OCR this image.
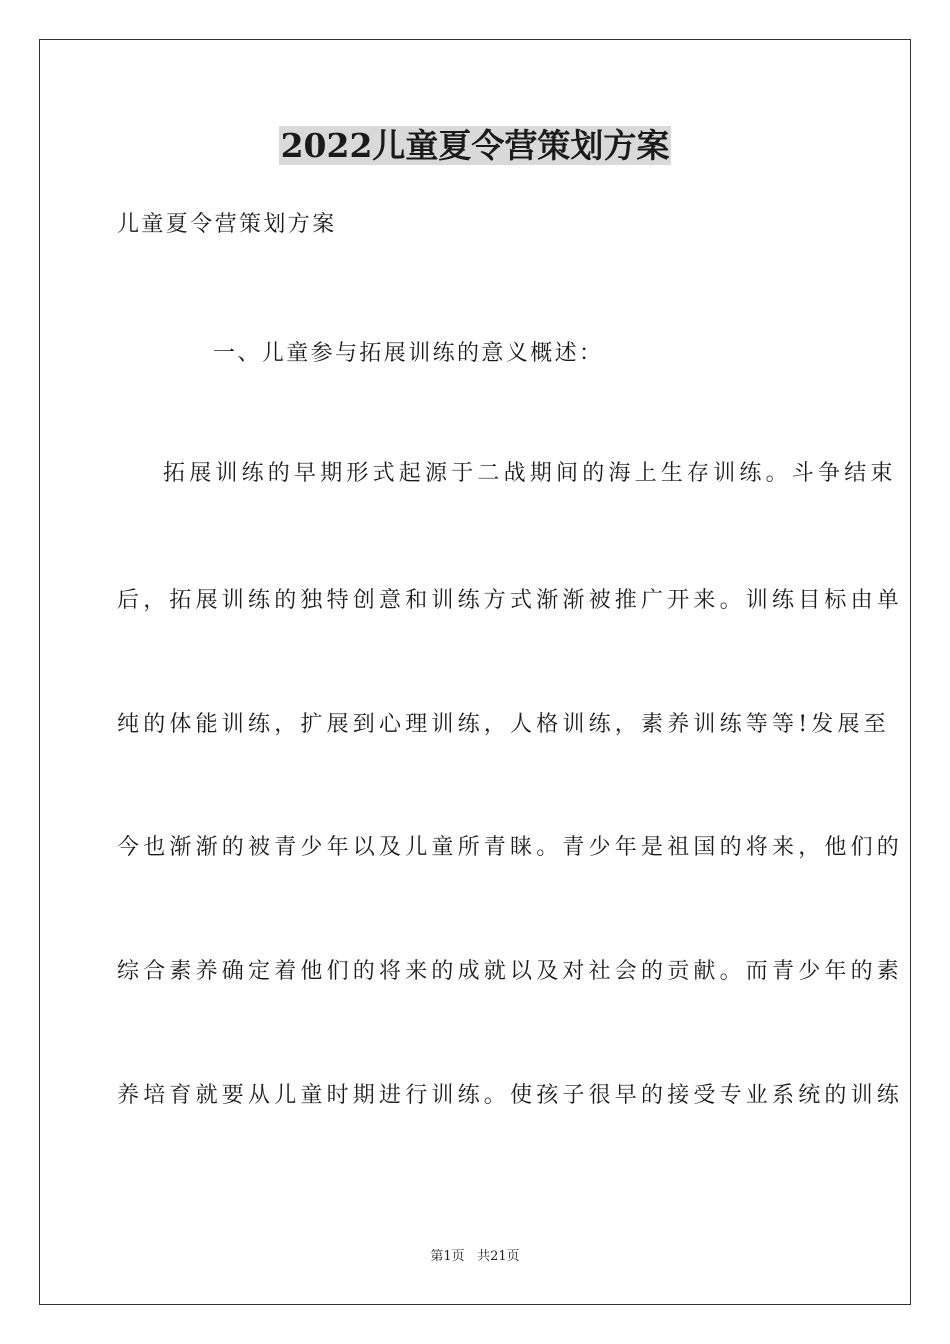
2022儿童夏令营策划方案
儿童夏令营策划方案
一、儿童参与拓展训练的意义概述：
拓展训练的早期形式起源于二战期间的海上生存训练。斗争结束
后，拓展训练的独特创意和训练方式渐渐被推广开来。训练目标由单
纯的体能训练，扩展到心理训练，人格训练，素养训练等等!发展至
今也渐渐的被青少年以及儿童所青睐。青少年是祖国的将来，他们的
综合素养确定着他们的将来的成就以及对社会的贡献。而青少年的素
养培育就要从儿童时期进行训练。使孩子很早的接受专业系统的训练
第1页 共21页
